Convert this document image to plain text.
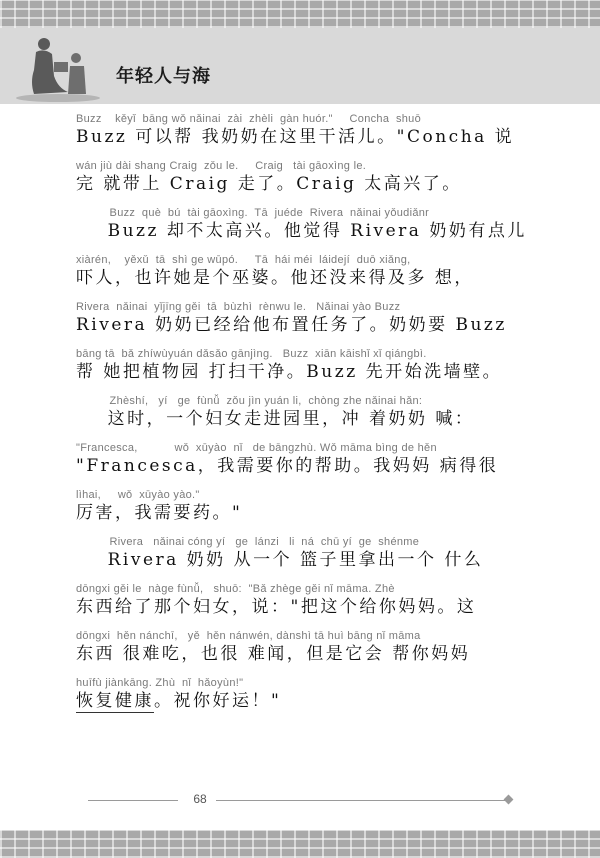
年轻人与海
Buzz    kěyǐ  bāng wǒ nǎinai  zài  zhèli  gàn huór."     Concha  shuō
Buzz 可以帮 我奶奶在这里干活儿。"Concha 说
wán jiù dài shang Craig  zǒu le.     Craig   tài gāoxìng le.
完 就带上 Craig 走了。Craig 太高兴了。
Buzz  què  bú  tài gāoxìng.  Tā  juéde  Rivera  nǎinai yǒudiǎnr
Buzz 却不太高兴。他觉得 Rivera 奶奶有点儿
xiàrén,    yěxǔ  tā  shì ge wūpó.     Tā  hái méi  láidejí  duō xiǎng,
吓人，也许她是个巫婆。他还没来得及多 想，
Rivera  nǎinai  yǐjīng gěi  tā  bùzhì  rènwu le.   Nǎinai yào Buzz
Rivera 奶奶已经给他布置任务了。奶奶要 Buzz
bāng tā  bǎ zhíwùyuán dǎsǎo gānjìng.   Buzz  xiān kāishǐ xǐ qiángbì.
帮 她把植物园 打扫干净。Buzz 先开始洗墙壁。
Zhèshí,   yí   ge  fùnǚ  zǒu jìn yuán li,  chòng zhe nǎinai hǎn:
这时，一个妇女走进园里，冲 着奶奶 喊：
"Francesca,           wǒ  xūyào  nǐ   de bāngzhù. Wǒ māma bìng de hěn
"Francesca，我需要你的帮助。我妈妈 病得很
lìhai,     wǒ  xūyào yào."
厉害，我需要药。"
Rivera   nǎinai cóng yí   ge  lánzi   li  ná  chū yí  ge  shénme
Rivera 奶奶 从一个 篮子里拿出一个 什么
dōngxi gěi le  nàge fùnǚ,   shuō:  "Bǎ zhège gěi nǐ māma. Zhè
东西给了那个妇女，说："把这个给你妈妈。这
dōngxi  hěn nánchī,   yě  hěn nánwén, dànshì tā huì bāng nǐ māma
东西 很难吃，也很 难闻，但是它会 帮你妈妈
huīfù jiànkāng. Zhù  nǐ  hǎoyùn!"
恢复健康。祝你好运！"
68
